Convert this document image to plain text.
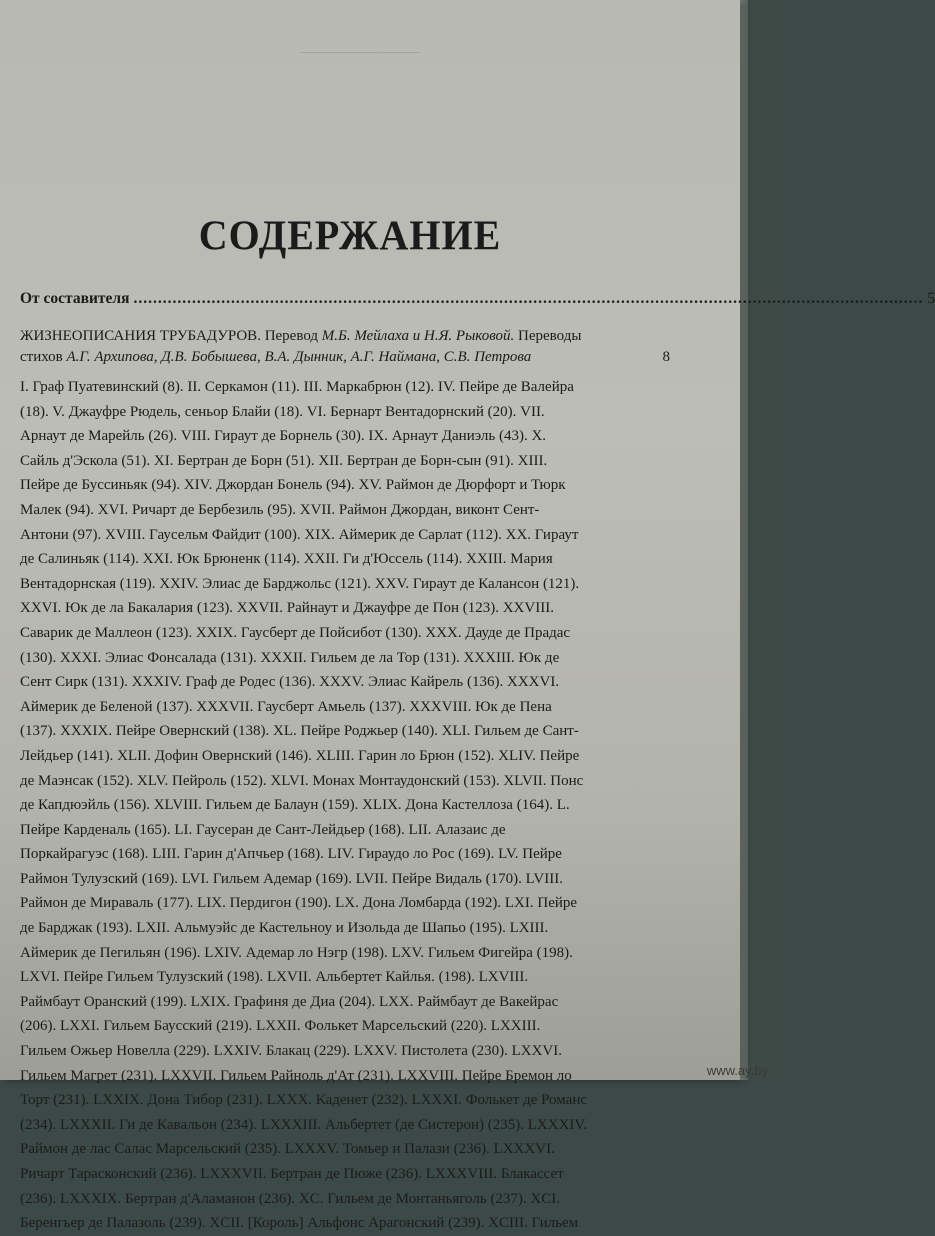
СОДЕРЖАНИЕ
От составителя
.....	5
ЖИЗНЕОПИСАНИЯ ТРУБАДУРОВ. Перевод М.Б. Мейлаха и Н.Я. Рыковой. Переводы
стихов А.Г. Архипова, Д.В. Бобышева, В.А. Дынник, А.Г. Наймана, С.В. Петрова	8
I. Граф Пуатевинский (8). II. Серкамон (11). III. Маркабрюн (12). IV. Пейре де Валейра
(18). V. Джауфре Рюдель, сеньор Блайи (18). VI. Бернарт Вентадорнский (20). VII.
Арнаут де Марейль (26). VIII. Гираут де Борнель (30). IX. Арнаут Даниэль (43). X.
Сайль д'Эскола (51). XI. Бертран де Борн (51). XII. Бертран де Борн-сын (91). XIII.
Пейре де Буссиньяк (94). XIV. Джордан Бонель (94). XV. Раймон де Дюрфорт и Тюрк
Малек (94). XVI. Ричарт де Бербезиль (95). XVII. Раймон Джордан, виконт Сент-
Антони (97). XVIII. Гаусельм Файдит (100). XIX. Аймерик де Сарлат (112). XX. Гираут
де Салиньяк (114). XXI. Юк Брюненк (114). XXII. Ги д'Юссель (114). XXIII. Мария
Вентадорнская (119). XXIV. Элиас де Барджольс (121). XXV. Гираут де Калансон (121).
XXVI. Юк де ла Бакалария (123). XXVII. Райнаут и Джауфре де Пон (123). XXVIII.
Саварик де Маллеон (123). XXIX. Гаусберт де Пойсибот (130). XXX. Дауде де Прадас
(130). XXXI. Элиас Фонсалада (131). XXXII. Гильем де ла Тор (131). XXXIII. Юк де
Сент Сирк (131). XXXIV. Граф де Родес (136). XXXV. Элиас Кайрель (136). XXXVI.
Аймерик де Беленой (137). XXXVII. Гаусберт Амьель (137). XXXVIII. Юк де Пена
(137). XXXIX. Пейре Овернский (138). XL. Пейре Роджьер (140). XLI. Гильем де Сант-
Лейдьер (141). XLII. Дофин Овернский (146). XLIII. Гарин ло Брюн (152). XLIV. Пейре
де Маэнсак (152). XLV. Пейроль (152). XLVI. Монах Монтаудонский (153). XLVII. Понс
де Капдюэйль (156). XLVIII. Гильем де Балаун (159). XLIX. Дона Кастеллоза (164). L.
Пейре Карденаль (165). LI. Гаусеран де Сант-Лейдьер (168). LII. Алазаис де
Поркайрагуэс (168). LIII. Гарин д'Апчьер (168). LIV. Гираудо ло Рос (169). LV. Пейре
Раймон Тулузский (169). LVI. Гильем Адемар (169). LVII. Пейре Видаль (170). LVIII.
Раймон де Мираваль (177). LIX. Пердигон (190). LX. Дона Ломбарда (192). LXI. Пейре
де Барджак (193). LXII. Альмуэйс де Кастельноу и Изольда де Шапьо (195). LXIII.
Аймерик де Пегильян (196). LXIV. Адемар ло Нэгр (198). LXV. Гильем Фигейра (198).
LXVI. Пейре Гильем Тулузский (198). LXVII. Альбертет Кайлья. (198). LXVIII.
Раймбаут Оранский (199). LXIX. Графиня де Диа (204). LXX. Раймбаут де Вакейрас
(206). LXXI. Гильем Баусский (219). LXXII. Фолькет Марсельский (220). LXXIII.
Гильем Ожьер Новелла (229). LXXIV. Блакац (229). LXXV. Пистолета (230). LXXVI.
Гильем Магрет (231). LXXVII. Гильем Райноль д'Ат (231). LXXVIII. Пейре Бремон ло
Торт (231). LXXIX. Дона Тибор (231). LXXX. Каденет (232). LXXXI. Фолькет де Романс
(234). LXXXII. Ги де Кавальон (234). LXXXIII. Альбертет (де Систерон) (235). LXXXIV.
Раймон де лас Салас Марсельский (235). LXXXV. Томьер и Палази (236). LXXXVI.
Ричарт Тарасконский (236). LXXXVII. Бертран де Пюже (236). LXXXVIII. Блакассет
(236). LXXXIX. Бертран д'Аламанон (236). XC. Гильем де Монтаньяголь (237). XCI.
Беренгьер де Палазоль (239). XCII. [Король] Альфонс Арагонский (239). XCIII. Гильем
www.ay.by
